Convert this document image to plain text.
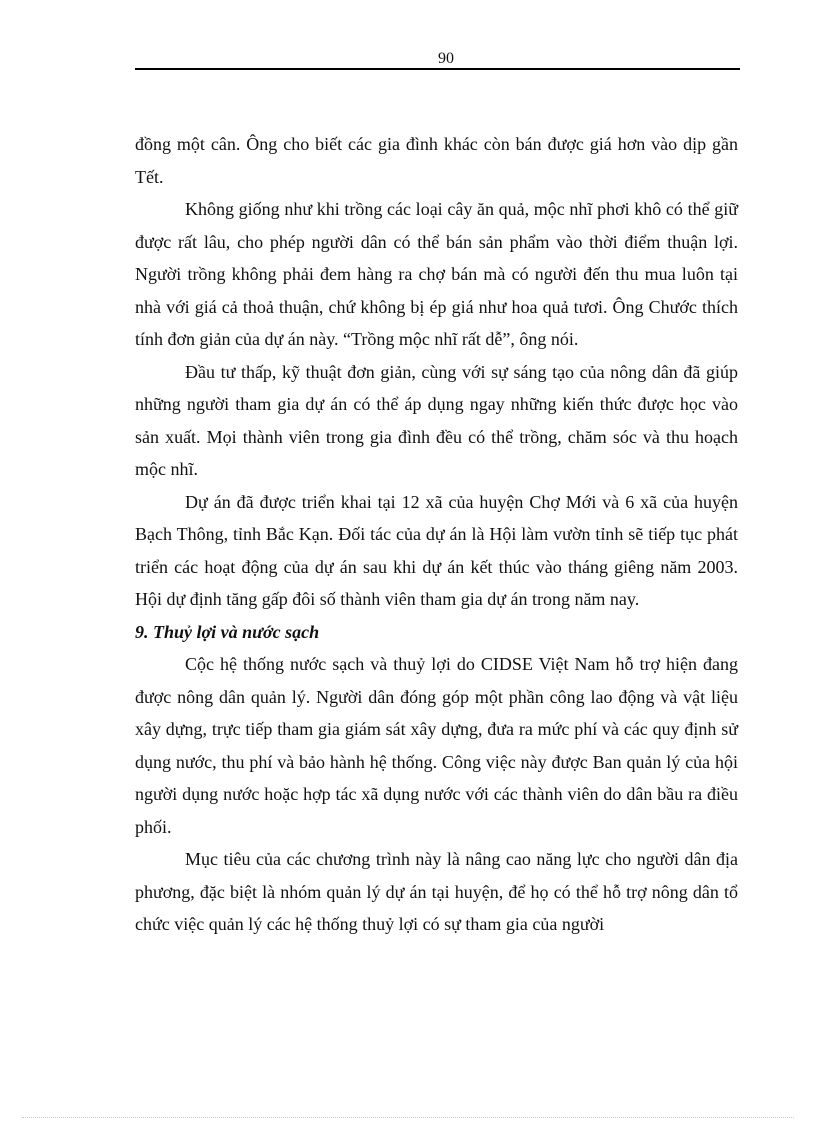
90

đồng một cân. Ông cho biết các gia đình khác còn bán được giá hơn vào dịp gần Tết.

Không giống như khi trồng các loại cây ăn quả, mộc nhĩ phơi khô có thể giữ được rất lâu, cho phép người dân có thể bán sản phẩm vào thời điểm thuận lợi. Người trồng không phải đem hàng ra chợ bán mà có người đến thu mua luôn tại nhà với giá cả thoả thuận, chứ không bị ép giá như hoa quả tươi. Ông Chước thích tính đơn giản của dự án này. “Trồng mộc nhĩ rất dễ”, ông nói.

Đầu tư thấp, kỹ thuật đơn giản, cùng với sự sáng tạo của nông dân đã giúp những người tham gia dự án có thể áp dụng ngay những kiến thức được học vào sản xuất. Mọi thành viên trong gia đình đều có thể trồng, chăm sóc và thu hoạch mộc nhĩ.

Dự án đã được triển khai tại 12 xã của huyện Chợ Mới và 6 xã của huyện Bạch Thông, tỉnh Bắc Kạn. Đối tác của dự án là Hội làm vườn tỉnh sẽ tiếp tục phát triển các hoạt động của dự án sau khi dự án kết thúc vào tháng giêng năm 2003. Hội dự định tăng gấp đôi số thành viên tham gia dự án trong năm nay.

9. Thuỷ lợi và nước sạch

Cộc hệ thống nước sạch và thuỷ lợi do CIDSE Việt Nam hỗ trợ hiện đang được nông dân quản lý. Người dân đóng góp một phần công lao động và vật liệu xây dựng, trực tiếp tham gia giám sát xây dựng, đưa ra mức phí và các quy định sử dụng nước, thu phí và bảo hành hệ thống. Công việc này được Ban quản lý của hội người dụng nước hoặc hợp tác xã dụng nước với các thành viên do dân bầu ra điều phối.

Mục tiêu của các chương trình này là nâng cao năng lực cho người dân địa phương, đặc biệt là nhóm quản lý dự án tại huyện, để họ có thể hỗ trợ nông dân tổ chức việc quản lý các hệ thống thuỷ lợi có sự tham gia của người
